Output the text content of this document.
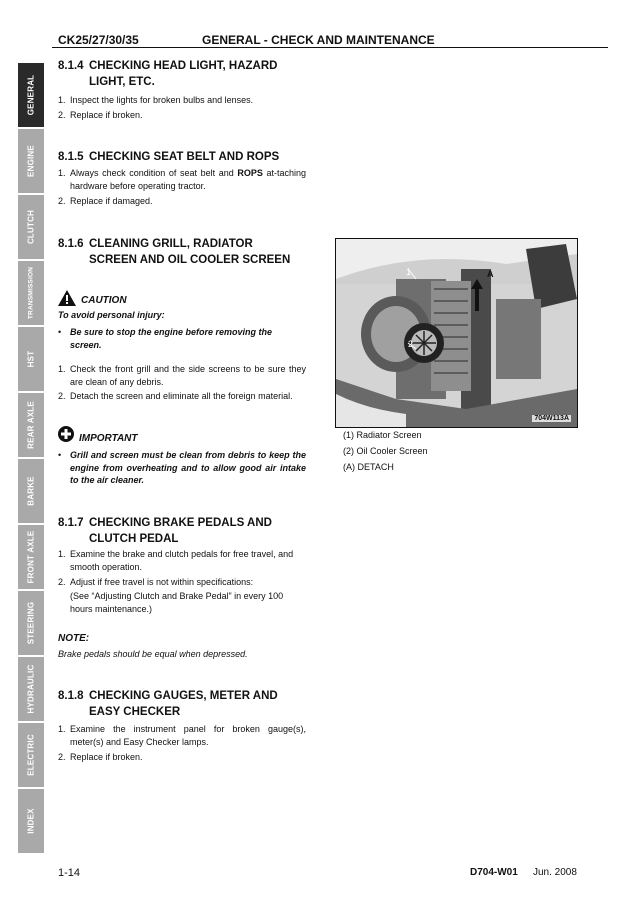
GENERAL
ENGINE
CLUTCH
TRANSMISSION
HST
REAR AXLE
BARKE
FRONT AXLE
STEERING
HYDRAULIC
ELECTRIC
INDEX
CK25/27/30/35	GENERAL - CHECK AND MAINTENANCE
8.1.4 CHECKING HEAD LIGHT, HAZARD
LIGHT, ETC.
1. Inspect the lights for broken bulbs and lenses.
2. Replace if broken.
8.1.5 CHECKING SEAT BELT AND ROPS
1. Always check condition of seat belt and ROPS at-taching hardware before operating tractor.
2. Replace if damaged.
8.1.6 CLEANING GRILL, RADIATOR
SCREEN AND OIL COOLER SCREEN
CAUTION
To avoid personal injury:
• Be sure to stop the engine before removing the screen.
1. Check the front grill and the side screens to be sure they are clean of any debris.
2. Detach the screen and eliminate all the foreign material.
IMPORTANT
• Grill and screen must be clean from debris to keep the engine from overheating and to allow good air intake to the air cleaner.
1
2
A
704W113A
(1) Radiator Screen
(2) Oil Cooler Screen
(A) DETACH
8.1.7 CHECKING BRAKE PEDALS AND
CLUTCH PEDAL
1. Examine the brake and clutch pedals for free travel, and smooth operation.
2. Adjust if free travel is not within specifications:
(See “Adjusting Clutch and Brake Pedal” in every 100 hours maintenance.)
NOTE:
Brake pedals should be equal when depressed.
8.1.8 CHECKING GAUGES, METER AND
EASY CHECKER
1. Examine the instrument panel for broken gauge(s), meter(s) and Easy Checker lamps.
2. Replace if broken.
1-14	D704-W01 Jun. 2008
